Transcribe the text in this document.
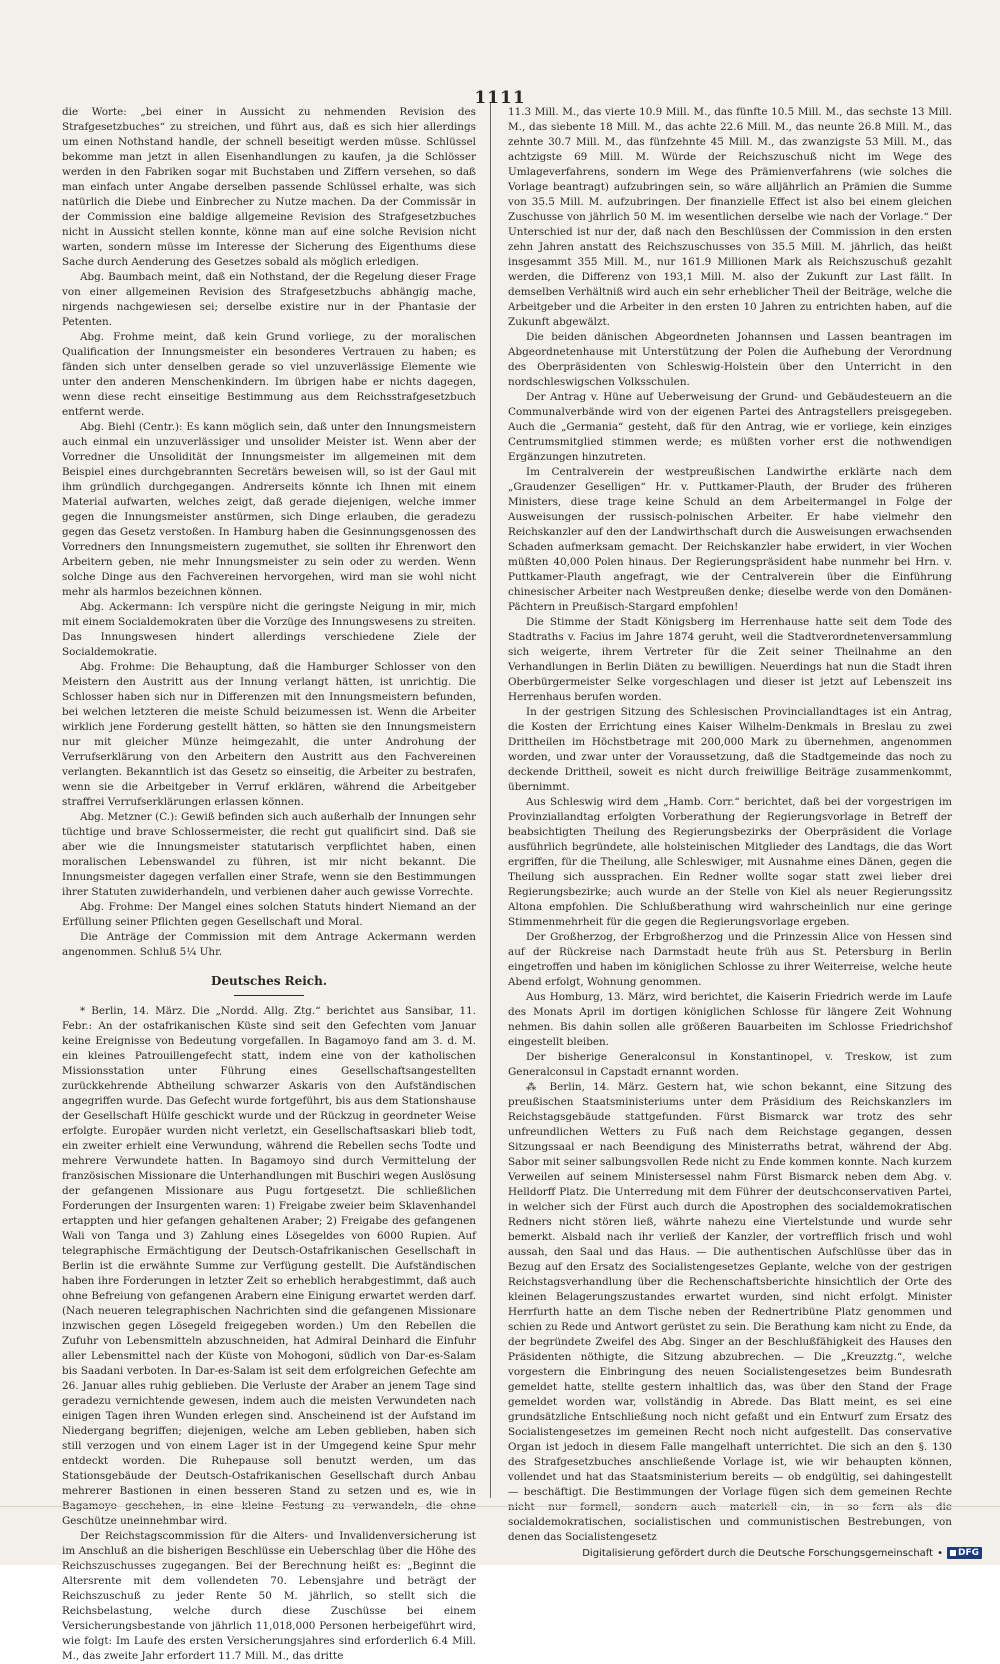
1111

die Worte: „bei einer in Aussicht zu nehmenden Revision des Strafgesetzbuches“ zu streichen, und führt aus, daß es sich hier allerdings um einen Nothstand handle, der schnell beseitigt werden müsse. Schlüssel bekomme man jetzt in allen Eisenhandlungen zu kaufen, ja die Schlösser werden in den Fabriken sogar mit Buchstaben und Ziffern versehen, so daß man einfach unter Angabe derselben passende Schlüssel erhalte, was sich natürlich die Diebe und Einbrecher zu Nutze machen. Da der Commissär in der Commission eine baldige allgemeine Revision des Strafgesetzbuches nicht in Aussicht stellen konnte, könne man auf eine solche Revision nicht warten, sondern müsse im Interesse der Sicherung des Eigenthums diese Sache durch Aenderung des Gesetzes sobald als möglich erledigen.

Abg. Baumbach meint, daß ein Nothstand, der die Regelung dieser Frage von einer allgemeinen Revision des Strafgesetzbuchs abhängig mache, nirgends nachgewiesen sei; derselbe existire nur in der Phantasie der Petenten.

Abg. Frohme meint, daß kein Grund vorliege, zu der moralischen Qualification der Innungsmeister ein besonderes Vertrauen zu haben; es fänden sich unter denselben gerade so viel unzuverlässige Elemente wie unter den anderen Menschenkindern. Im übrigen habe er nichts dagegen, wenn diese recht einseitige Bestimmung aus dem Reichsstrafgesetzbuch entfernt werde.

Abg. Biehl (Centr.): Es kann möglich sein, daß unter den Innungsmeistern auch einmal ein unzuverlässiger und unsolider Meister ist. Wenn aber der Vorredner die Unsolidität der Innungsmeister im allgemeinen mit dem Beispiel eines durchgebrannten Secretärs beweisen will, so ist der Gaul mit ihm gründlich durchgegangen. Andrerseits könnte ich Ihnen mit einem Material aufwarten, welches zeigt, daß gerade diejenigen, welche immer gegen die Innungsmeister anstürmen, sich Dinge erlauben, die geradezu gegen das Gesetz verstoßen. In Hamburg haben die Gesinnungsgenossen des Vorredners den Innungsmeistern zugemuthet, sie sollten ihr Ehrenwort den Arbeitern geben, nie mehr Innungsmeister zu sein oder zu werden. Wenn solche Dinge aus den Fachvereinen hervorgehen, wird man sie wohl nicht mehr als harmlos bezeichnen können.

Abg. Ackermann: Ich verspüre nicht die geringste Neigung in mir, mich mit einem Socialdemokraten über die Vorzüge des Innungswesens zu streiten. Das Innungswesen hindert allerdings verschiedene Ziele der Socialdemokratie.

Abg. Frohme: Die Behauptung, daß die Hamburger Schlosser von den Meistern den Austritt aus der Innung verlangt hätten, ist unrichtig. Die Schlosser haben sich nur in Differenzen mit den Innungsmeistern befunden, bei welchen letzteren die meiste Schuld beizumessen ist. Wenn die Arbeiter wirklich jene Forderung gestellt hätten, so hätten sie den Innungsmeistern nur mit gleicher Münze heimgezahlt, die unter Androhung der Verrufserklärung von den Arbeitern den Austritt aus den Fachvereinen verlangten. Bekanntlich ist das Gesetz so einseitig, die Arbeiter zu bestrafen, wenn sie die Arbeitgeber in Verruf erklären, während die Arbeitgeber straffrei Verrufserklärungen erlassen können.

Abg. Metzner (C.): Gewiß befinden sich auch außerhalb der Innungen sehr tüchtige und brave Schlossermeister, die recht gut qualificirt sind. Daß sie aber wie die Innungsmeister statutarisch verpflichtet haben, einen moralischen Lebenswandel zu führen, ist mir nicht bekannt. Die Innungsmeister dagegen verfallen einer Strafe, wenn sie den Bestimmungen ihrer Statuten zuwiderhandeln, und verbienen daher auch gewisse Vorrechte.

Abg. Frohme: Der Mangel eines solchen Statuts hindert Niemand an der Erfüllung seiner Pflichten gegen Gesellschaft und Moral.

Die Anträge der Commission mit dem Antrage Ackermann werden angenommen. Schluß 5¼ Uhr.

Deutsches Reich.

* Berlin, 14. März. Die „Nordd. Allg. Ztg.“ berichtet aus Sansibar, 11. Febr.: An der ostafrikanischen Küste sind seit den Gefechten vom Januar keine Ereignisse von Bedeutung vorgefallen. In Bagamoyo fand am 3. d. M. ein kleines Patrouillengefecht statt, indem eine von der katholischen Missionsstation unter Führung eines Gesellschaftsangestellten zurückkehrende Abtheilung schwarzer Askaris von den Aufständischen angegriffen wurde. Das Gefecht wurde fortgeführt, bis aus dem Stationshause der Gesellschaft Hülfe geschickt wurde und der Rückzug in geordneter Weise erfolgte. Europäer wurden nicht verletzt, ein Gesellschaftsaskari blieb todt, ein zweiter erhielt eine Verwundung, während die Rebellen sechs Todte und mehrere Verwundete hatten. In Bagamoyo sind durch Vermittelung der französischen Missionare die Unterhandlungen mit Buschiri wegen Auslösung der gefangenen Missionare aus Pugu fortgesetzt. Die schließlichen Forderungen der Insurgenten waren: 1) Freigabe zweier beim Sklavenhandel ertappten und hier gefangen gehaltenen Araber; 2) Freigabe des gefangenen Wali von Tanga und 3) Zahlung eines Lösegeldes von 6000 Rupien. Auf telegraphische Ermächtigung der Deutsch-Ostafrikanischen Gesellschaft in Berlin ist die erwähnte Summe zur Verfügung gestellt. Die Aufständischen haben ihre Forderungen in letzter Zeit so erheblich herabgestimmt, daß auch ohne Befreiung von gefangenen Arabern eine Einigung erwartet werden darf. (Nach neueren telegraphischen Nachrichten sind die gefangenen Missionare inzwischen gegen Lösegeld freigegeben worden.) Um den Rebellen die Zufuhr von Lebensmitteln abzuschneiden, hat Admiral Deinhard die Einfuhr aller Lebensmittel nach der Küste von Mohogoni, südlich von Dar-es-Salam bis Saadani verboten. In Dar-es-Salam ist seit dem erfolgreichen Gefechte am 26. Januar alles ruhig geblieben. Die Verluste der Araber an jenem Tage sind geradezu vernichtende gewesen, indem auch die meisten Verwundeten nach einigen Tagen ihren Wunden erlegen sind. Anscheinend ist der Aufstand im Niedergang begriffen; diejenigen, welche am Leben geblieben, haben sich still verzogen und von einem Lager ist in der Umgegend keine Spur mehr entdeckt worden. Die Ruhepause soll benutzt werden, um das Stationsgebäude der Deutsch-Ostafrikanischen Gesellschaft durch Anbau mehrerer Bastionen in einen besseren Stand zu setzen und es, wie in Bagamoyo geschehen, in eine kleine Festung zu verwandeln, die ohne Geschütze uneinnehmbar wird.

Der Reichstagscommission für die Alters- und Invalidenversicherung ist im Anschluß an die bisherigen Beschlüsse ein Ueberschlag über die Höhe des Reichszuschusses zugegangen. Bei der Berechnung heißt es: „Beginnt die Altersrente mit dem vollendeten 70. Lebensjahre und beträgt der Reichszuschuß zu jeder Rente 50 M. jährlich, so stellt sich die Reichsbelastung, welche durch diese Zuschüsse bei einem Versicherungsbestande von jährlich 11,018,000 Personen herbeigeführt wird, wie folgt: Im Laufe des ersten Versicherungsjahres sind erforderlich 6.4 Mill. M., das zweite Jahr erfordert 11.7 Mill. M., das dritte

11.3 Mill. M., das vierte 10.9 Mill. M., das fünfte 10.5 Mill. M., das sechste 13 Mill. M., das siebente 18 Mill. M., das achte 22.6 Mill. M., das neunte 26.8 Mill. M., das zehnte 30.7 Mill. M., das fünfzehnte 45 Mill. M., das zwanzigste 53 Mill. M., das achtzigste 69 Mill. M. Würde der Reichszuschuß nicht im Wege des Umlageverfahrens, sondern im Wege des Prämienverfahrens (wie solches die Vorlage beantragt) aufzubringen sein, so wäre alljährlich an Prämien die Summe von 35.5 Mill. M. aufzubringen. Der finanzielle Effect ist also bei einem gleichen Zuschusse von jährlich 50 M. im wesentlichen derselbe wie nach der Vorlage.“ Der Unterschied ist nur der, daß nach den Beschlüssen der Commission in den ersten zehn Jahren anstatt des Reichszuschusses von 35.5 Mill. M. jährlich, das heißt insgesammt 355 Mill. M., nur 161.9 Millionen Mark als Reichszuschuß gezahlt werden, die Differenz von 193,1 Mill. M. also der Zukunft zur Last fällt. In demselben Verhältniß wird auch ein sehr erheblicher Theil der Beiträge, welche die Arbeitgeber und die Arbeiter in den ersten 10 Jahren zu entrichten haben, auf die Zukunft abgewälzt.

Die beiden dänischen Abgeordneten Johannsen und Lassen beantragen im Abgeordnetenhause mit Unterstützung der Polen die Aufhebung der Verordnung des Oberpräsidenten von Schleswig-Holstein über den Unterricht in den nordschleswigschen Volksschulen.

Der Antrag v. Hüne auf Ueberweisung der Grund- und Gebäudesteuern an die Communalverbände wird von der eigenen Partei des Antragstellers preisgegeben. Auch die „Germania“ gesteht, daß für den Antrag, wie er vorliege, kein einziges Centrumsmitglied stimmen werde; es müßten vorher erst die nothwendigen Ergänzungen hinzutreten.

Im Centralverein der westpreußischen Landwirthe erklärte nach dem „Graudenzer Geselligen“ Hr. v. Puttkamer-Plauth, der Bruder des früheren Ministers, diese trage keine Schuld an dem Arbeitermangel in Folge der Ausweisungen der russisch-polnischen Arbeiter. Er habe vielmehr den Reichskanzler auf den der Landwirthschaft durch die Ausweisungen erwachsenden Schaden aufmerksam gemacht. Der Reichskanzler habe erwidert, in vier Wochen müßten 40,000 Polen hinaus. Der Regierungspräsident habe nunmehr bei Hrn. v. Puttkamer-Plauth angefragt, wie der Centralverein über die Einführung chinesischer Arbeiter nach Westpreußen denke; dieselbe werde von den Domänen-Pächtern in Preußisch-Stargard empfohlen!

Die Stimme der Stadt Königsberg im Herrenhause hatte seit dem Tode des Stadtraths v. Facius im Jahre 1874 geruht, weil die Stadtverordnetenversammlung sich weigerte, ihrem Vertreter für die Zeit seiner Theilnahme an den Verhandlungen in Berlin Diäten zu bewilligen. Neuerdings hat nun die Stadt ihren Oberbürgermeister Selke vorgeschlagen und dieser ist jetzt auf Lebenszeit ins Herrenhaus berufen worden.

In der gestrigen Sitzung des Schlesischen Provinciallandtages ist ein Antrag, die Kosten der Errichtung eines Kaiser Wilhelm-Denkmals in Breslau zu zwei Drittheilen im Höchstbetrage mit 200,000 Mark zu übernehmen, angenommen worden, und zwar unter der Voraussetzung, daß die Stadtgemeinde das noch zu deckende Drittheil, soweit es nicht durch freiwillige Beiträge zusammenkommt, übernimmt.

Aus Schleswig wird dem „Hamb. Corr.“ berichtet, daß bei der vorgestrigen im Provinziallandtag erfolgten Vorberathung der Regierungsvorlage in Betreff der beabsichtigten Theilung des Regierungsbezirks der Oberpräsident die Vorlage ausführlich begründete, alle holsteinischen Mitglieder des Landtags, die das Wort ergriffen, für die Theilung, alle Schleswiger, mit Ausnahme eines Dänen, gegen die Theilung sich aussprachen. Ein Redner wollte sogar statt zwei lieber drei Regierungsbezirke; auch wurde an der Stelle von Kiel als neuer Regierungssitz Altona empfohlen. Die Schlußberathung wird wahrscheinlich nur eine geringe Stimmenmehrheit für die gegen die Regierungsvorlage ergeben.

Der Großherzog, der Erbgroßherzog und die Prinzessin Alice von Hessen sind auf der Rückreise nach Darmstadt heute früh aus St. Petersburg in Berlin eingetroffen und haben im königlichen Schlosse zu ihrer Weiterreise, welche heute Abend erfolgt, Wohnung genommen.

Aus Homburg, 13. März, wird berichtet, die Kaiserin Friedrich werde im Laufe des Monats April im dortigen königlichen Schlosse für längere Zeit Wohnung nehmen. Bis dahin sollen alle größeren Bauarbeiten im Schlosse Friedrichshof eingestellt bleiben.

Der bisherige Generalconsul in Konstantinopel, v. Treskow, ist zum Generalconsul in Capstadt ernannt worden.

⁂ Berlin, 14. März. Gestern hat, wie schon bekannt, eine Sitzung des preußischen Staatsministeriums unter dem Präsidium des Reichskanzlers im Reichstagsgebäude stattgefunden. Fürst Bismarck war trotz des sehr unfreundlichen Wetters zu Fuß nach dem Reichstage gegangen, dessen Sitzungssaal er nach Beendigung des Ministerraths betrat, während der Abg. Sabor mit seiner salbungsvollen Rede nicht zu Ende kommen konnte. Nach kurzem Verweilen auf seinem Ministersessel nahm Fürst Bismarck neben dem Abg. v. Helldorff Platz. Die Unterredung mit dem Führer der deutschconservativen Partei, in welcher sich der Fürst auch durch die Apostrophen des socialdemokratischen Redners nicht stören ließ, währte nahezu eine Viertelstunde und wurde sehr bemerkt. Alsbald nach ihr verließ der Kanzler, der vortrefflich frisch und wohl aussah, den Saal und das Haus. — Die authentischen Aufschlüsse über das in Bezug auf den Ersatz des Socialistengesetzes Geplante, welche von der gestrigen Reichstagsverhandlung über die Rechenschaftsberichte hinsichtlich der Orte des kleinen Belagerungszustandes erwartet wurden, sind nicht erfolgt. Minister Herrfurth hatte an dem Tische neben der Rednertribüne Platz genommen und schien zu Rede und Antwort gerüstet zu sein. Die Berathung kam nicht zu Ende, da der begründete Zweifel des Abg. Singer an der Beschlußfähigkeit des Hauses den Präsidenten nöthigte, die Sitzung abzubrechen. — Die „Kreuzztg.“, welche vorgestern die Einbringung des neuen Socialistengesetzes beim Bundesrath gemeldet hatte, stellte gestern inhaltlich das, was über den Stand der Frage gemeldet worden war, vollständig in Abrede. Das Blatt meint, es sei eine grundsätzliche Entschließung noch nicht gefaßt und ein Entwurf zum Ersatz des Socialistengesetzes im gemeinen Recht noch nicht aufgestellt. Das conservative Organ ist jedoch in diesem Falle mangelhaft unterrichtet. Die sich an den §. 130 des Strafgesetzbuches anschließende Vorlage ist, wie wir behaupten können, vollendet und hat das Staatsministerium bereits — ob endgültig, sei dahingestellt — beschäftigt. Die Bestimmungen der Vorlage fügen sich dem gemeinen Rechte nicht nur formell, sondern auch materiell ein, in so fern als die socialdemokratischen, socialistischen und communistischen Bestrebungen, von denen das Socialistengesetz

Digitalisierung gefördert durch die Deutsche Forschungsgemeinschaft • DFG
